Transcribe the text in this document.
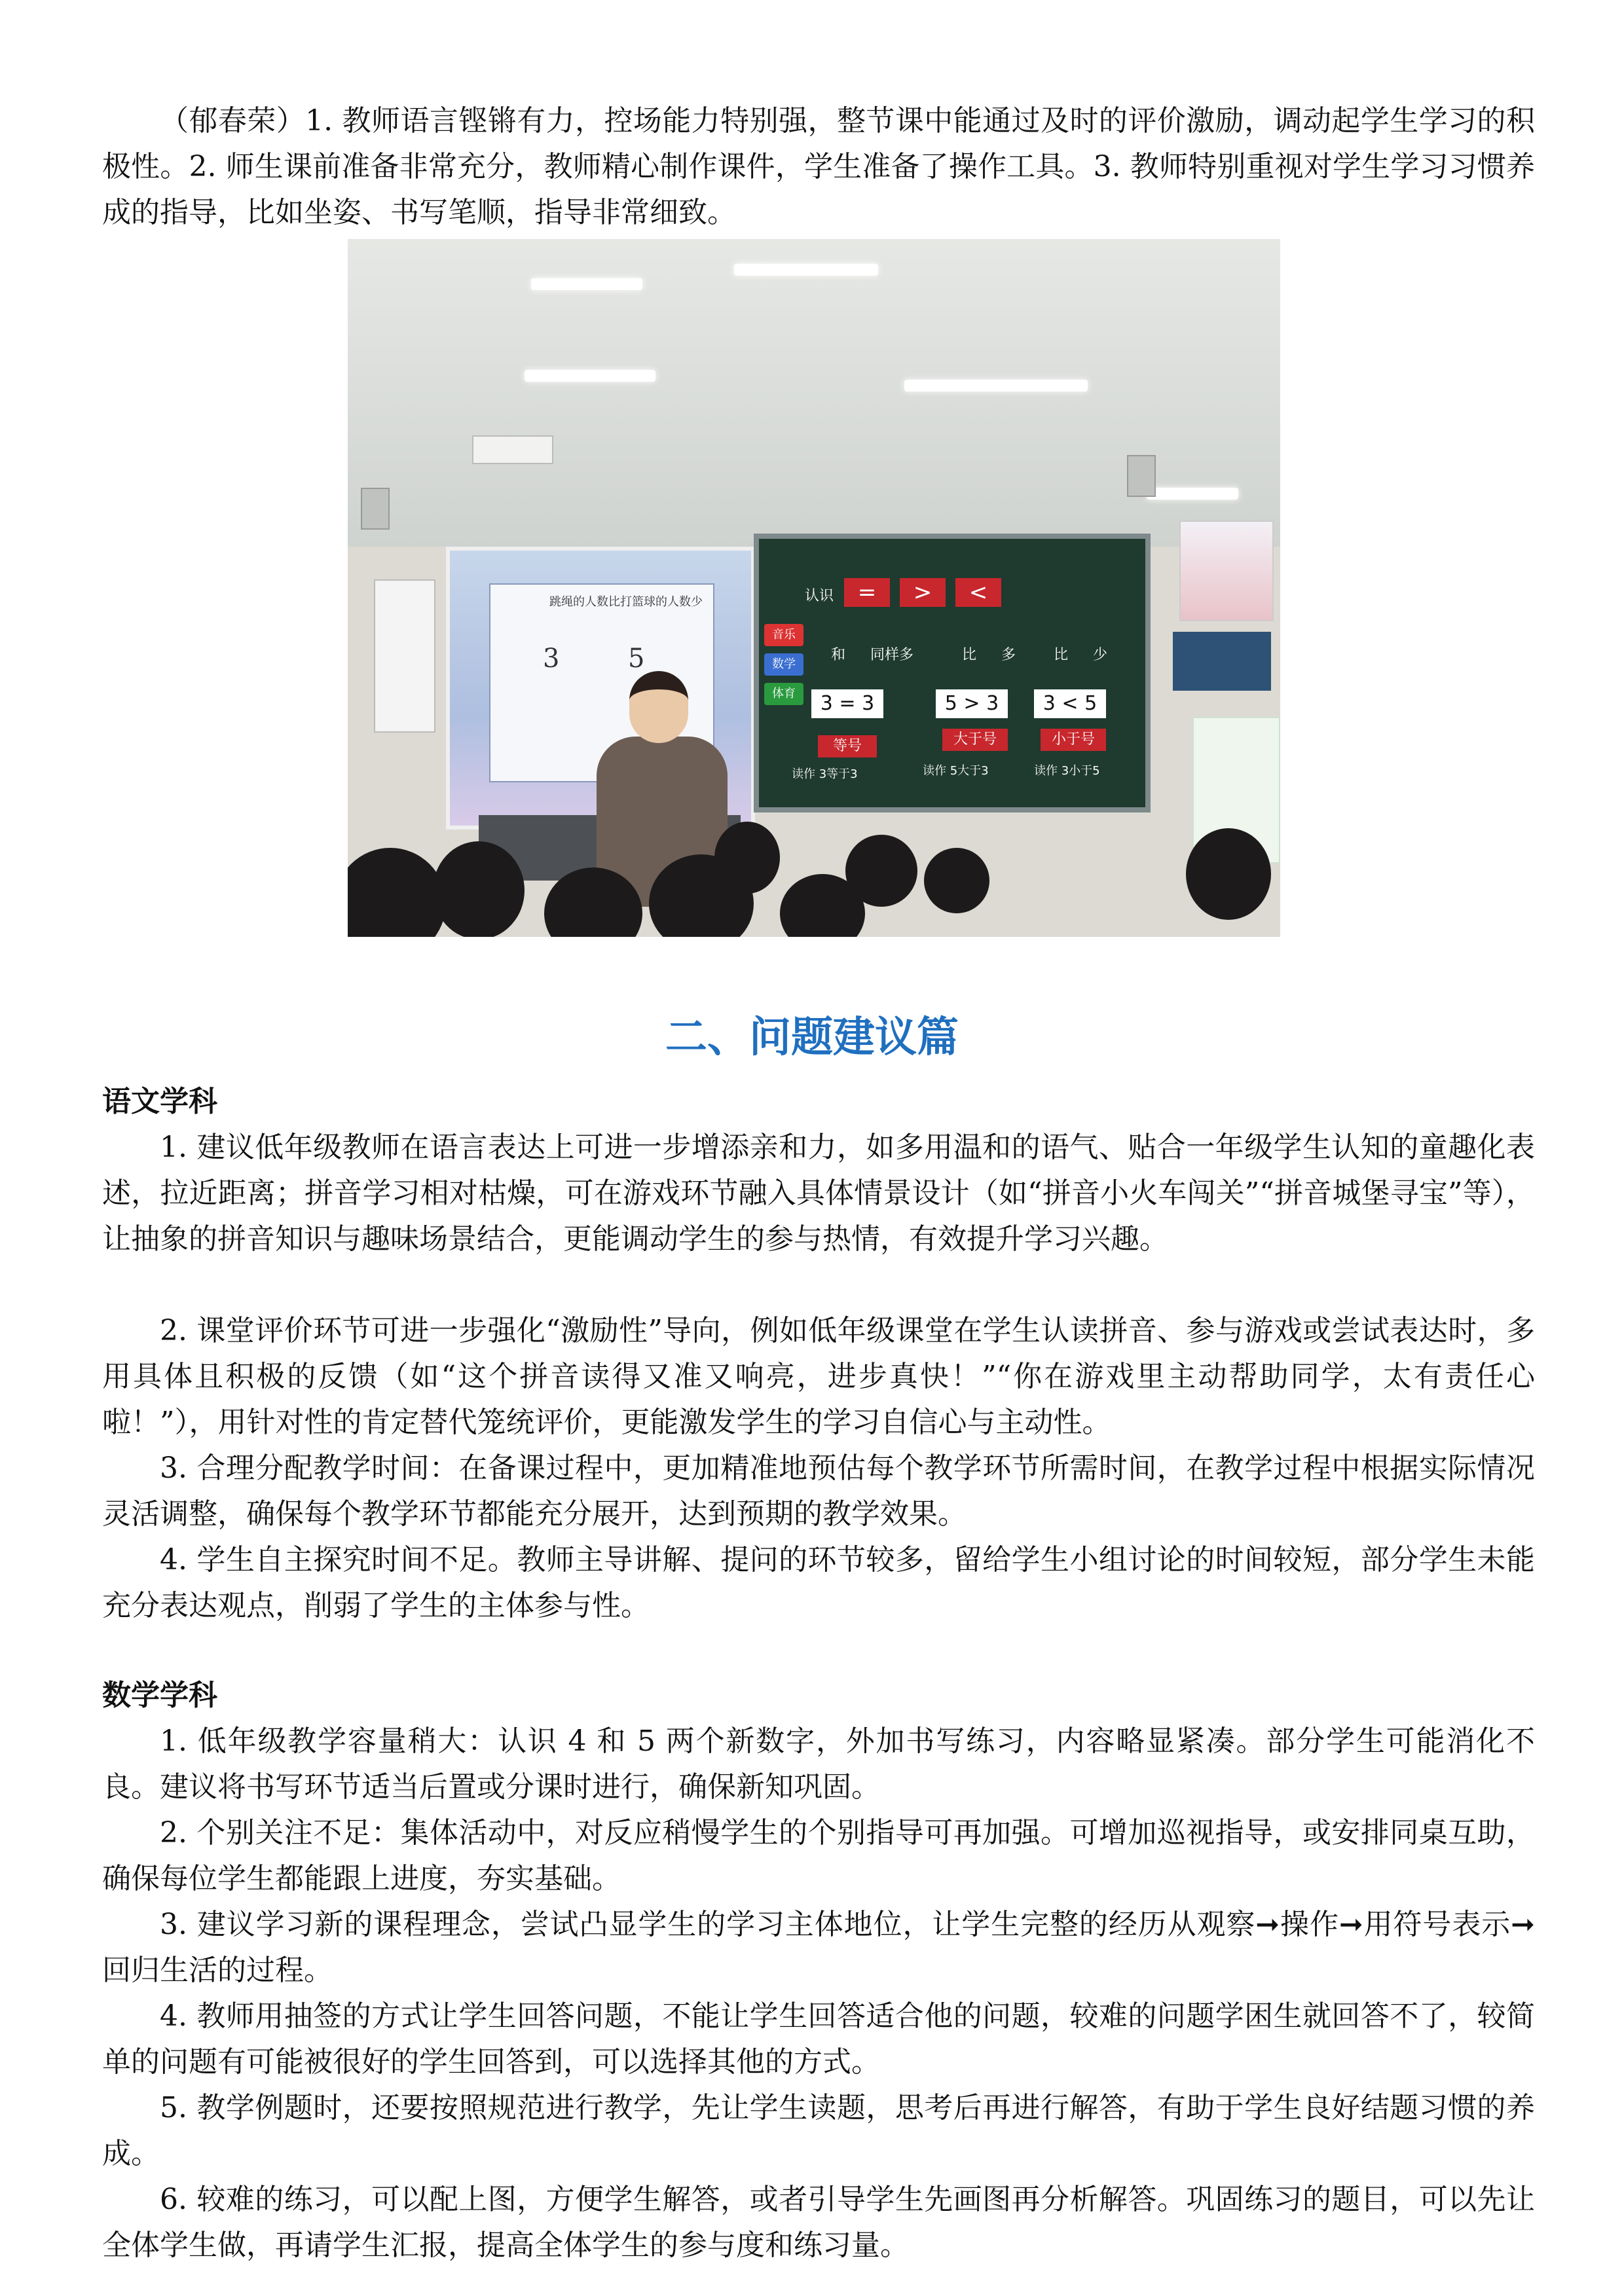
（郁春荣）1. 教师语言铿锵有力，控场能力特别强，整节课中能通过及时的评价激励，调动起学生学习的积极性。2. 师生课前准备非常充分，教师精心制作课件，学生准备了操作工具。3. 教师特别重视对学生学习习惯养成的指导，比如坐姿、书写笔顺，指导非常细致。

跳绳的人数比打篮球的人数少
3	5
认识	=	>	<
音乐
数学
体育
和 同样多	比 多	比 少
3 = 3	5 > 3	3 < 5
等号	大于号	小于号
读作 3等于3	读作 5大于3	读作 3小于5
二、问题建议篇

语文学科

1. 建议低年级教师在语言表达上可进一步增添亲和力，如多用温和的语气、贴合一年级学生认知的童趣化表述，拉近距离；拼音学习相对枯燥，可在游戏环节融入具体情景设计（如“拼音小火车闯关”“拼音城堡寻宝”等），让抽象的拼音知识与趣味场景结合，更能调动学生的参与热情，有效提升学习兴趣。

2. 课堂评价环节可进一步强化“激励性”导向，例如低年级课堂在学生认读拼音、参与游戏或尝试表达时，多用具体且积极的反馈（如“这个拼音读得又准又响亮，进步真快！”“你在游戏里主动帮助同学，太有责任心啦！”），用针对性的肯定替代笼统评价，更能激发学生的学习自信心与主动性。

3. 合理分配教学时间：在备课过程中，更加精准地预估每个教学环节所需时间，在教学过程中根据实际情况灵活调整，确保每个教学环节都能充分展开，达到预期的教学效果。

4. 学生自主探究时间不足。教师主导讲解、提问的环节较多，留给学生小组讨论的时间较短，部分学生未能充分表达观点，削弱了学生的主体参与性。

数学学科

1. 低年级教学容量稍大：认识 4 和 5 两个新数字，外加书写练习，内容略显紧凑。部分学生可能消化不良。建议将书写环节适当后置或分课时进行，确保新知巩固。

2. 个别关注不足：集体活动中，对反应稍慢学生的个别指导可再加强。可增加巡视指导，或安排同桌互助，确保每位学生都能跟上进度，夯实基础。

3. 建议学习新的课程理念，尝试凸显学生的学习主体地位，让学生完整的经历从观察➞操作➞用符号表示➞回归生活的过程。

4. 教师用抽签的方式让学生回答问题，不能让学生回答适合他的问题，较难的问题学困生就回答不了，较简单的问题有可能被很好的学生回答到，可以选择其他的方式。

5. 教学例题时，还要按照规范进行教学，先让学生读题，思考后再进行解答，有助于学生良好结题习惯的养成。

6. 较难的练习，可以配上图，方便学生解答，或者引导学生先画图再分析解答。巩固练习的题目，可以先让全体学生做，再请学生汇报，提高全体学生的参与度和练习量。
